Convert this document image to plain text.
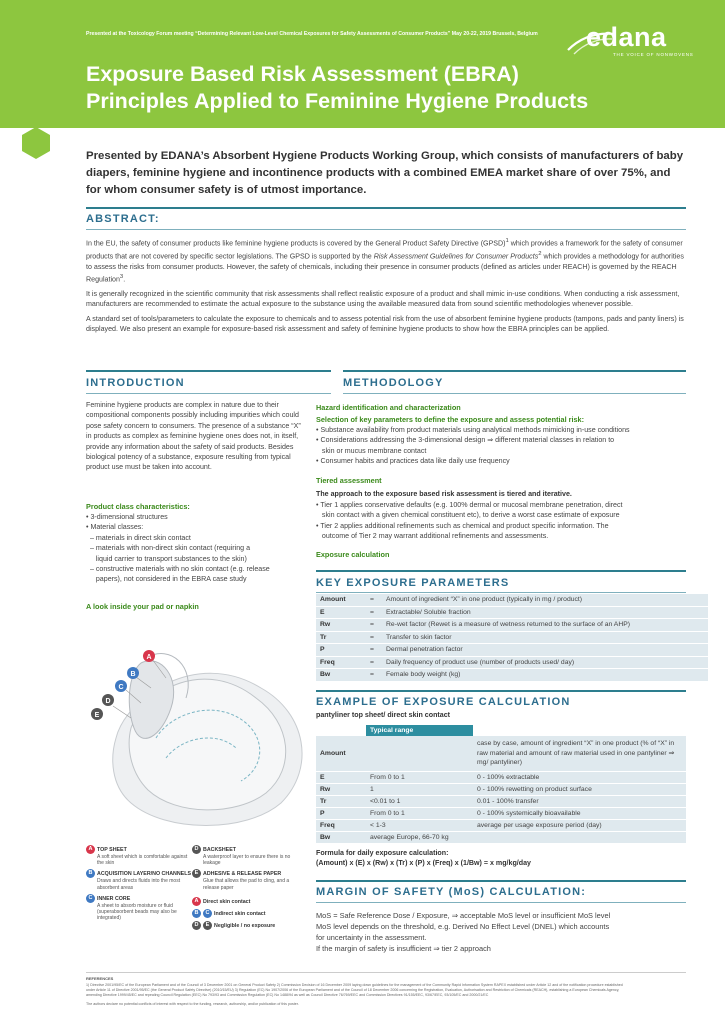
Presented at the Toxicology Forum meeting “Determining Relevant Low-Level Chemical Exposures for Safety Assessments of Consumer Products” May 20-22, 2019 Brussels, Belgium edana
THE VOICE OF NONWOVENS
Exposure Based Risk Assessment (EBRA)
Principles Applied to Feminine Hygiene Products
Presented by EDANA’s Absorbent Hygiene Products Working Group, which consists of manufacturers of baby diapers, feminine hygiene and incontinence products with a combined EMEA market share of over 75%, and for whom consumer safety is of utmost importance.
ABSTRACT:

In the EU, the safety of consumer products like feminine hygiene products is covered by the General Product Safety Directive (GPSD)$^1$ which provides a framework for the safety of consumer products that are not covered by specific sector legislations. The GPSD is supported by the Risk Assessment Guidelines for Consumer Products$^2$ which provides a methodology for authorities to assess the risks from consumer products. However, the safety of chemicals, including their presence in consumer products (defined as articles under REACH) is governed by the REACH Regulation$^3$.

It is generally recognized in the scientific community that risk assessments shall reflect realistic exposure of a product and shall mimic in-use conditions. When conducting a risk assessment, manufacturers are recommended to estimate the actual exposure to the substance using the available measured data from sound scientific methodologies whenever possible.

A standard set of tools/parameters to calculate the exposure to chemicals and to assess potential risk from the use of absorbent feminine hygiene products (tampons, pads and panty liners) is displayed. We also present an example for exposure-based risk assessment and safety of feminine hygiene products to show how the EBRA principles can be applied.

INTRODUCTION
Feminine hygiene products are complex in nature due to their compositional components possibly including impurities which could pose safety concern to consumers. The presence of a substance “X” in products as complex as feminine hygiene ones does not, in itself, provide any information about the safety of said products. Besides biological potency of a substance, exposure resulting from typical product use must be taken into account.
Product class characteristics:
• 3-dimensional structures
• Material classes:
– materials in direct skin contact
– materials with non-direct skin contact (requiring a
liquid carrier to transport substances to the skin)
– constructive materials with no skin contact (e.g. release
papers), not considered in the EBRA case study
A look inside your pad or napkin
A
B
C
D
E
A TOP SHEET
A soft sheet which is comfortable against the skin
B ACQUISITION LAYER/NO CHANNELS
Draws and directs fluids into the most absorbent areas
C INNER CORE
A sheet to absorb moisture or fluid (superabsorbent beads may also be integrated)
D BACKSHEET
A waterproof layer to ensure there is no leakage
E ADHESIVE & RELEASE PAPER
Glue that allows the pad to cling, and a release paper
A Direct skin contact
B C Indirect skin contact
D E Negligible / no exposure
METHODOLOGY
Hazard identification and characterization
Selection of key parameters to define the exposure and assess potential risk:
• Substance availability from product materials using analytical methods mimicking in-use conditions
• Considerations addressing the 3-dimensional design ⇒ different material classes in relation to
skin or mucus membrane contact
• Consumer habits and practices data like daily use frequency
Tiered assessment
The approach to the exposure based risk assessment is tiered and iterative.
• Tier 1 applies conservative defaults (e.g. 100% dermal or mucosal membrane penetration, direct
skin contact with a given chemical constituent etc), to derive a worst case estimate of exposure
• Tier 2 applies additional refinements such as chemical and product specific information. The
outcome of Tier 2 may warrant additional refinements and assessments.
Exposure calculation
KEY EXPOSURE PARAMETERS
Amount	=	Amount of ingredient “X” in one product (typically in mg / product)
E	=	Extractable/ Soluble fraction
Rw	=	Re-wet factor (Rewet is a measure of wetness returned to the surface of an AHP)
Tr	=	Transfer to skin factor
P	=	Dermal penetration factor
Freq	=	Daily frequency of product use (number of products used/ day)
Bw	=	Female body weight (kg)
EXAMPLE OF EXPOSURE CALCULATION
pantyliner top sheet/ direct skin contact
	Typical range	
Amount		case by case, amount of ingredient “X” in one product (% of “X” in raw material and amount of raw material used in one pantyliner ⇒ mg/ pantyliner)
E	From 0 to 1	0 - 100% extractable
Rw	1	0 - 100% rewetting on product surface
Tr	<0.01 to 1	0.01 - 100% transfer
P	From 0 to 1	0 - 100% systemically bioavailable
Freq	< 1-3	average per usage exposure period (day)
Bw	average Europe, 66-70 kg	
Formula for daily exposure calculation:
(Amount) x (E) x (Rw) x (Tr) x (P) x (Freq) x (1/Bw) = x mg/kg/day
MARGIN OF SAFETY (MoS) CALCULATION:
MoS = Safe Reference Dose / Exposure, ⇒ acceptable MoS level or insufficient MoS level
MoS level depends on the threshold, e.g. Derived No Effect Level (DNEL) which accounts
for uncertainty in the assessment.
If the margin of safety is insufficient ⇒ tier 2 approach
REFERENCES
1) Directive 2001/95/EC of the European Parliament and of the Council of 3 December 2001 on General Product Safety 2) Commission Decision of 16 December 2009 laying down guidelines for the management of the Community Rapid Information System RAPEX established under Article 12 and of the notification procedure established
under Article 11 of Directive 2001/95/EC (the General Product Safety Directive) (2010/15/EU) 3) Regulation (EC) No 1907/2006 of the European Parliament and of the Council of 18 December 2006 concerning the Registration, Evaluation, Authorisation and Restriction of Chemicals (REACH), establishing a European Chemicals Agency,
amending Directive 1999/45/EC and repealing Council Regulation (EEC) No 793/93 and Commission Regulation (EC) No 1488/94 as well as Council Directive 76/769/EEC and Commission Directives 91/155/EEC, 93/67/EEC, 93/105/EC and 2000/21/EC
The authors declare no potential conflicts of interest with respect to the funding, research, authorship, and/or publication of this poster.
